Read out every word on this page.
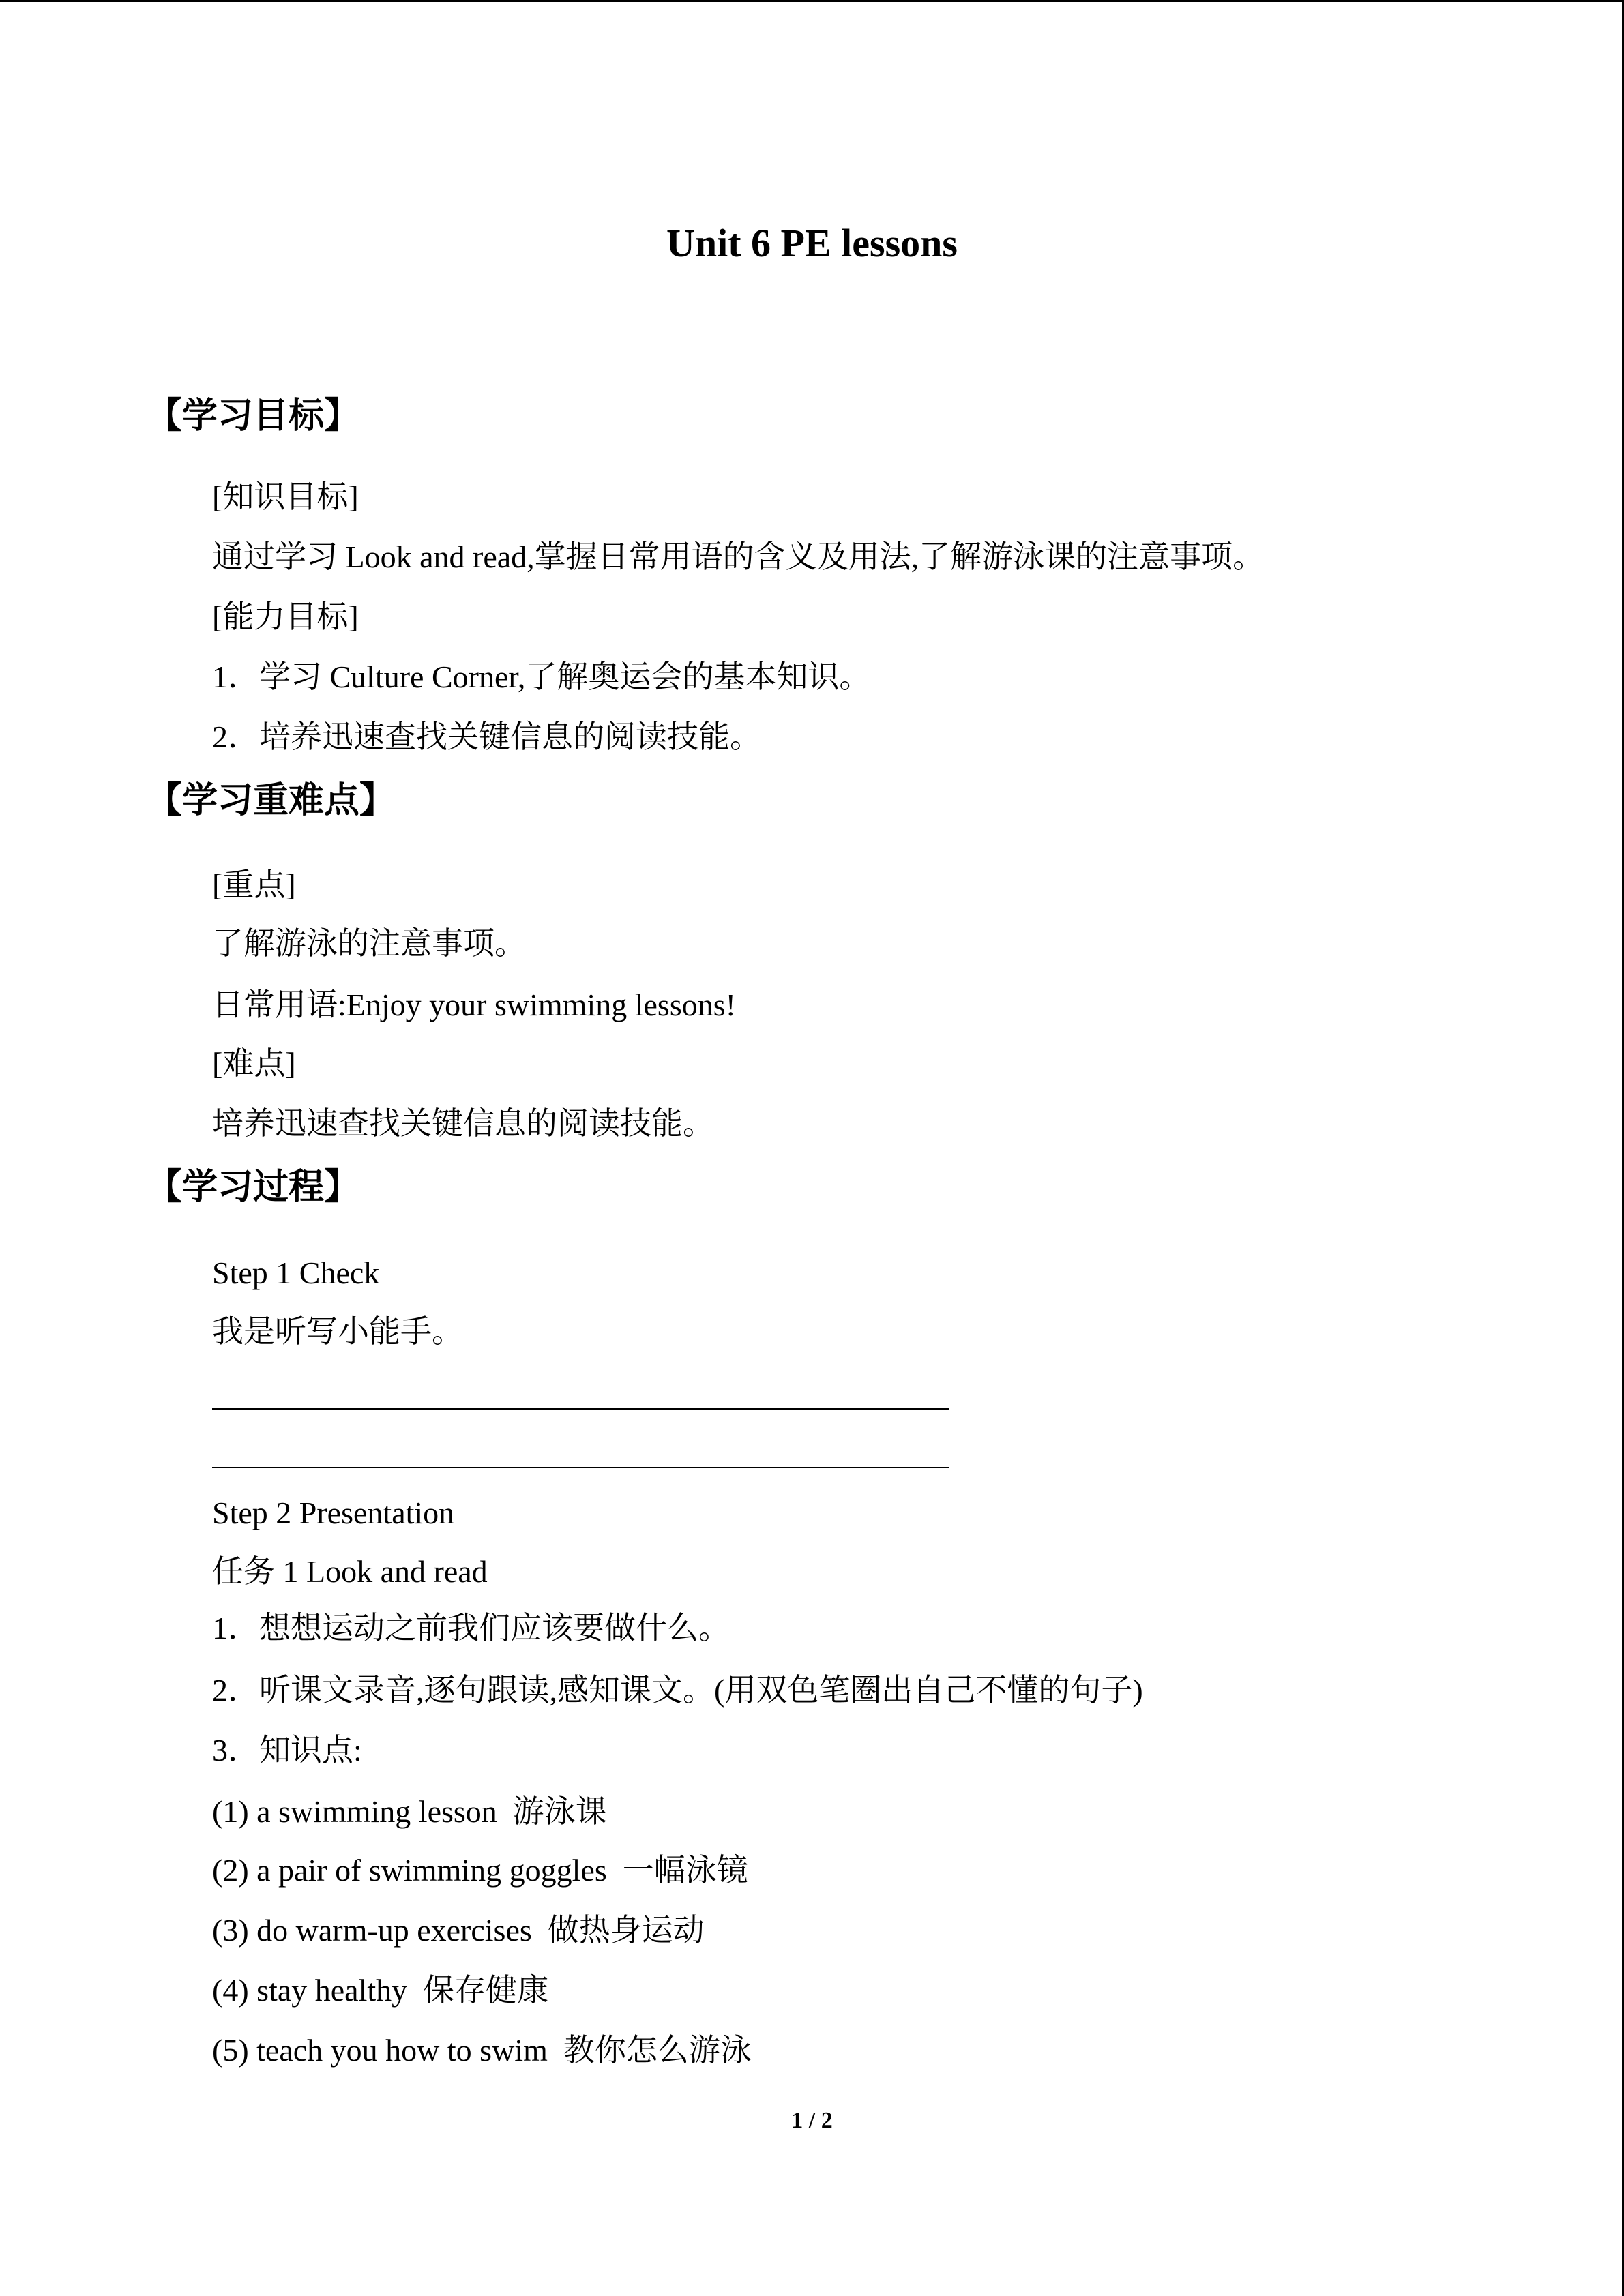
Unit 6 PE lessons
【学习目标】
[知识目标]
通过学习 Look and read,掌握日常用语的含义及用法,了解游泳课的注意事项。
[能力目标]
1．学习 Culture Corner,了解奥运会的基本知识。
2．培养迅速查找关键信息的阅读技能。
【学习重难点】
[重点]
了解游泳的注意事项。
日常用语:Enjoy your swimming lessons!
[难点]
培养迅速查找关键信息的阅读技能。
【学习过程】
Step 1 Check
我是听写小能手。
Step 2 Presentation
任务 1 Look and read
1．想想运动之前我们应该要做什么。
2．听课文录音,逐句跟读,感知课文。(用双色笔圈出自己不懂的句子)
3．知识点:
(1) a swimming lesson  游泳课
(2) a pair of swimming goggles  一幅泳镜
(3) do warm-up exercises  做热身运动
(4) stay healthy  保存健康
(5) teach you how to swim  教你怎么游泳
1 / 2
